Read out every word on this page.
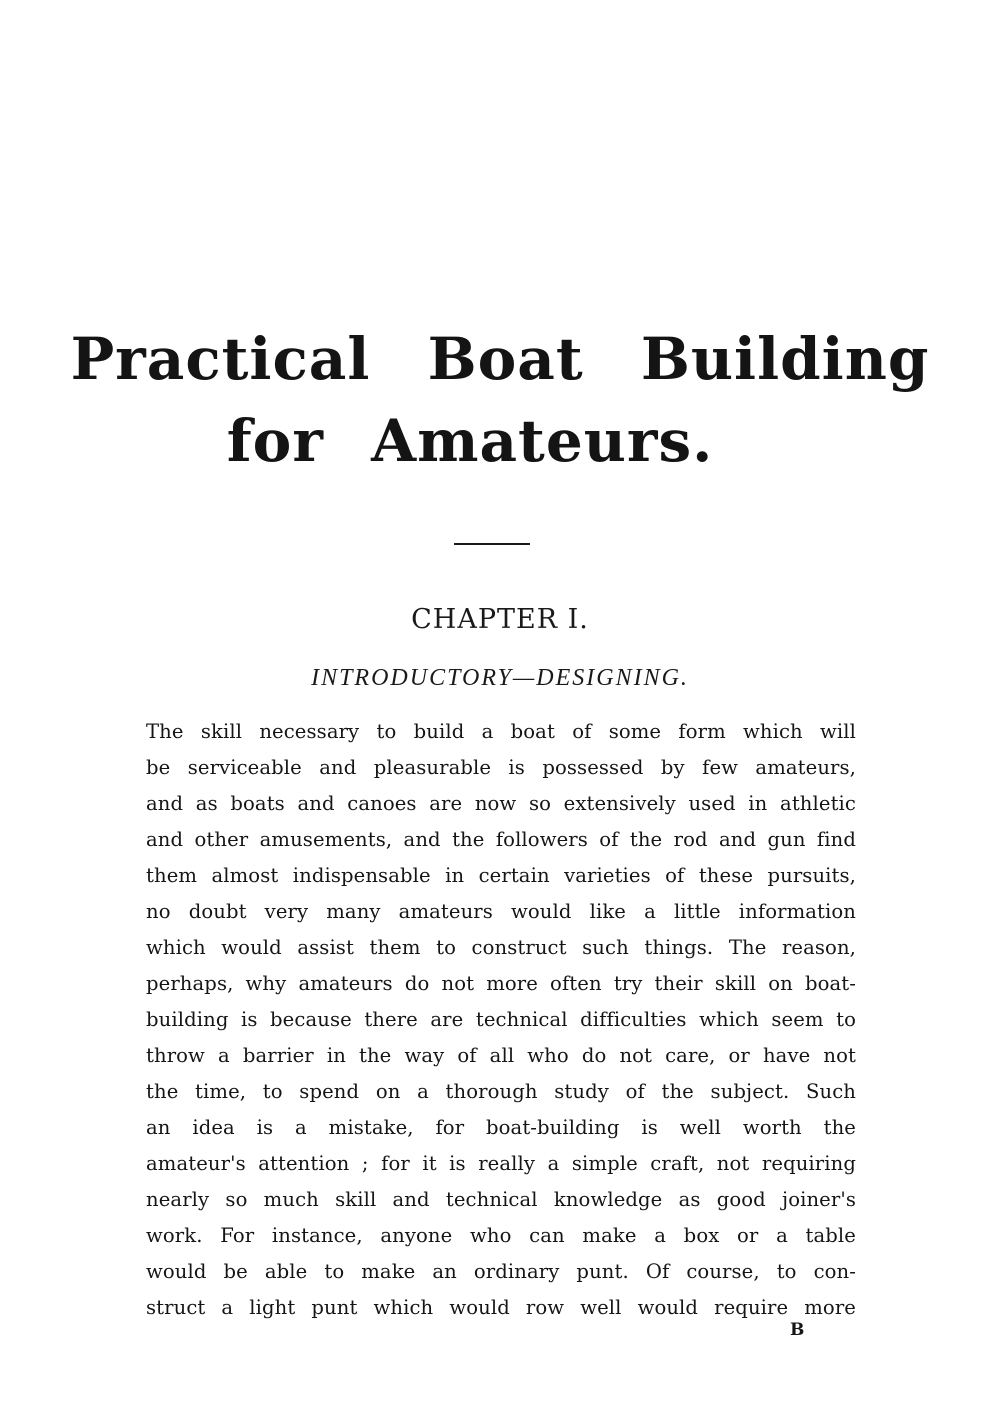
Practical Boat Building
for Amateurs.
CHAPTER I.
INTRODUCTORY—DESIGNING.
The skill necessary to build a boat of some form which will
be serviceable and pleasurable is possessed by few amateurs,
and as boats and canoes are now so extensively used in athletic
and other amusements, and the followers of the rod and gun find
them almost indispensable in certain varieties of these pursuits,
no doubt very many amateurs would like a little information
which would assist them to construct such things. The reason,
perhaps, why amateurs do not more often try their skill on boat-
building is because there are technical difficulties which seem to
throw a barrier in the way of all who do not care, or have not
the time, to spend on a thorough study of the subject. Such
an idea is a mistake, for boat-building is well worth the
amateur's attention ; for it is really a simple craft, not requiring
nearly so much skill and technical knowledge as good joiner's
work. For instance, anyone who can make a box or a table
would be able to make an ordinary punt. Of course, to con-
struct a light punt which would row well would require more
B
